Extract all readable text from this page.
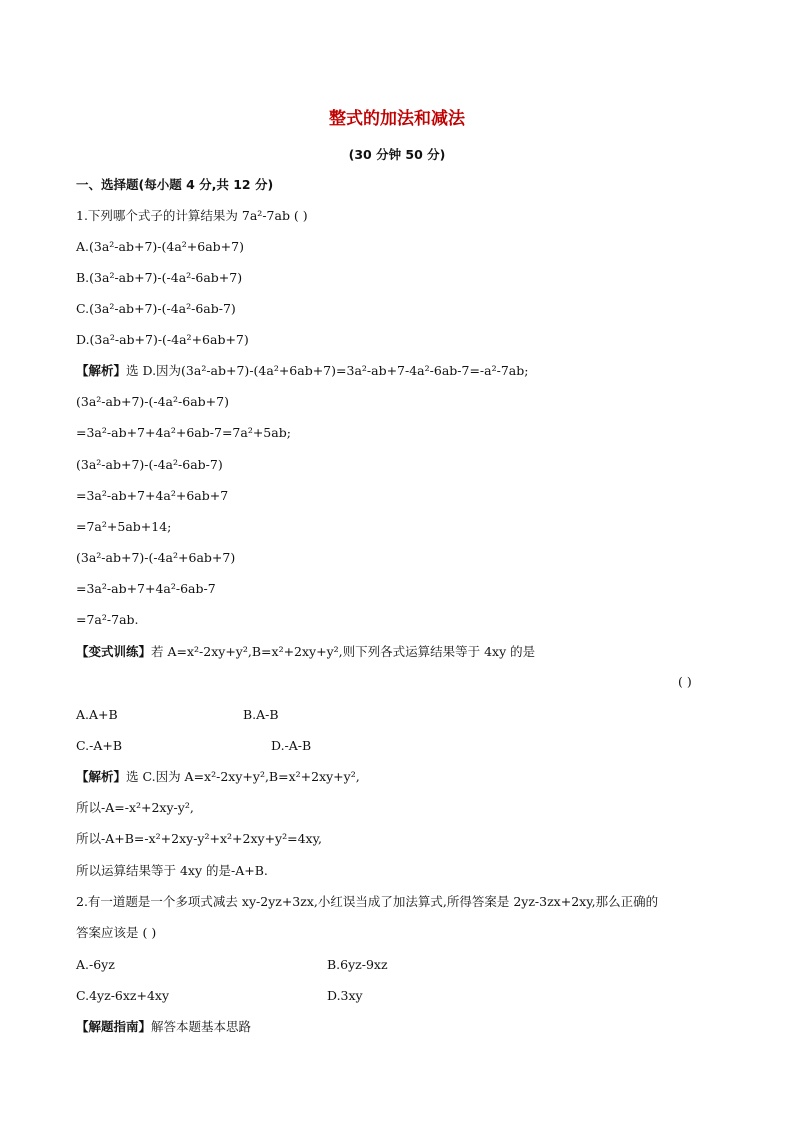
整式的加法和减法
(30 分钟 50 分)
一、选择题(每小题 4 分,共 12 分)
1.下列哪个式子的计算结果为 7a²-7ab ( )
A.(3a²-ab+7)-(4a²+6ab+7)
B.(3a²-ab+7)-(-4a²-6ab+7)
C.(3a²-ab+7)-(-4a²-6ab-7)
D.(3a²-ab+7)-(-4a²+6ab+7)
【解析】选 D.因为(3a²-ab+7)-(4a²+6ab+7)=3a²-ab+7-4a²-6ab-7=-a²-7ab;
(3a²-ab+7)-(-4a²-6ab+7)
=3a²-ab+7+4a²+6ab-7=7a²+5ab;
(3a²-ab+7)-(-4a²-6ab-7)
=3a²-ab+7+4a²+6ab+7
=7a²+5ab+14;
(3a²-ab+7)-(-4a²+6ab+7)
=3a²-ab+7+4a²-6ab-7
=7a²-7ab.
【变式训练】若 A=x²-2xy+y²,B=x²+2xy+y²,则下列各式运算结果等于 4xy 的是
( )
A.A+B	B.A-B
C.-A+B	D.-A-B
【解析】选 C.因为 A=x²-2xy+y²,B=x²+2xy+y²,
所以-A=-x²+2xy-y²,
所以-A+B=-x²+2xy-y²+x²+2xy+y²=4xy,
所以运算结果等于 4xy 的是-A+B.
2.有一道题是一个多项式减去 xy-2yz+3zx,小红误当成了加法算式,所得答案是 2yz-3zx+2xy,那么正确的
答案应该是 ( )
A.-6yz	B.6yz-9xz
C.4yz-6xz+4xy	D.3xy
【解题指南】解答本题基本思路
